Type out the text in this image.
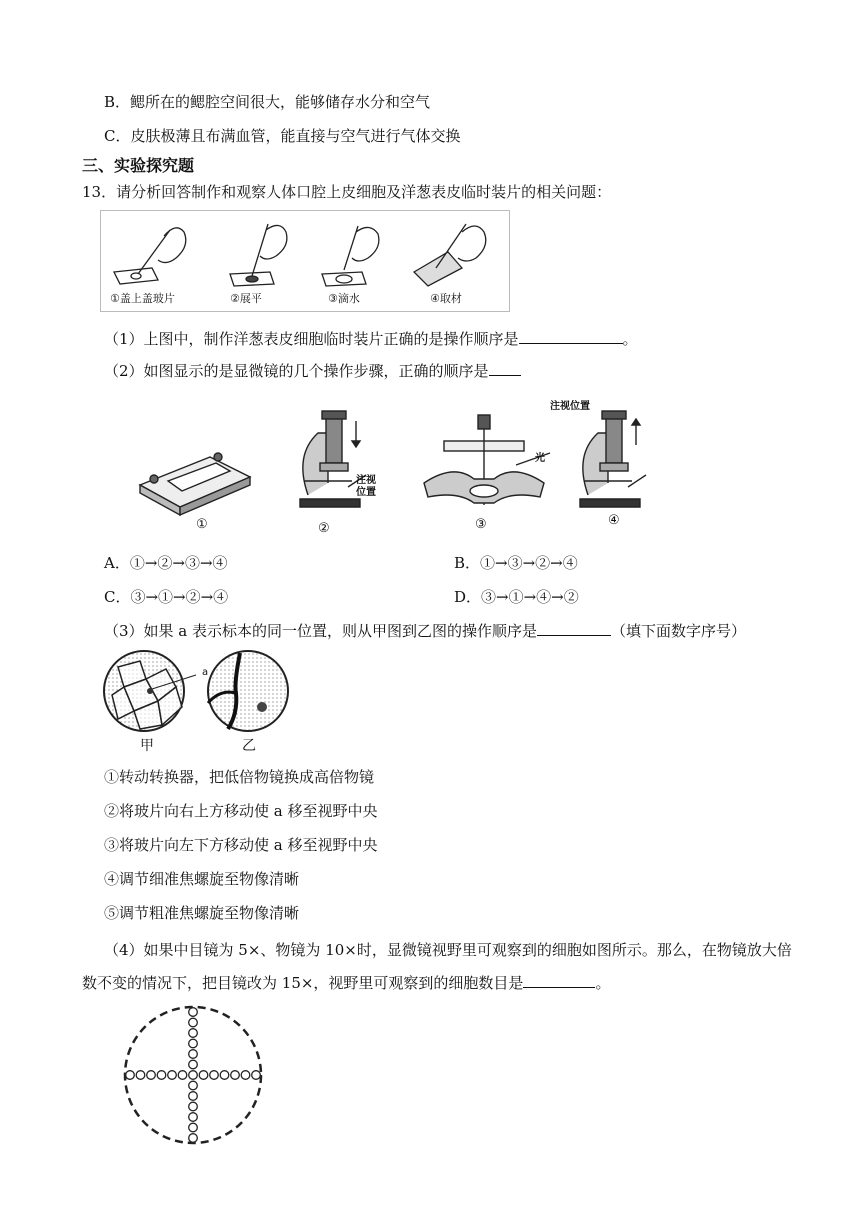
B．鳃所在的鳃腔空间很大，能够储存水分和空气
C．皮肤极薄且布满血管，能直接与空气进行气体交换
三、实验探究题
13．请分析回答制作和观察人体口腔上皮细胞及洋葱表皮临时装片的相关问题：
①盖上盖玻片	②展平	③滴水	④取材
（1）上图中，制作洋葱表皮细胞临时装片正确的是操作顺序是	。
（2）如图显示的是显微镜的几个操作步骤，正确的顺序是
注视
位置
光
注视位置
①	②	③	④
A．①→②→③→④	B．①→③→②→④
C．③→①→②→④	D．③→①→④→②
（3）如果 a 表示标本的同一位置，则从甲图到乙图的操作顺序是	（填下面数字序号）
a
甲	乙
①转动转换器，把低倍物镜换成高倍物镜
②将玻片向右上方移动使 a 移至视野中央
③将玻片向左下方移动使 a 移至视野中央
④调节细准焦螺旋至物像清晰
⑤调节粗准焦螺旋至物像清晰
（4）如果中目镜为 5×、物镜为 10×时，显微镜视野里可观察到的细胞如图所示。那么，在物镜放大倍
数不变的情况下，把目镜改为 15×，视野里可观察到的细胞数目是	。
